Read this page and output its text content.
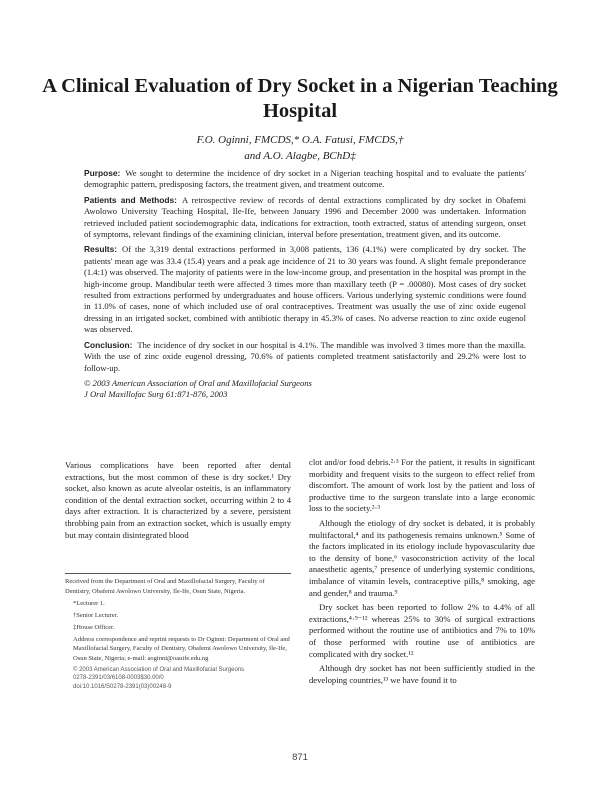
A Clinical Evaluation of Dry Socket in a Nigerian Teaching Hospital
F.O. Oginni, FMCDS,* O.A. Fatusi, FMCDS,†
and A.O. Alagbe, BChD‡

Purpose: We sought to determine the incidence of dry socket in a Nigerian teaching hospital and to evaluate the patients' demographic pattern, predisposing factors, the treatment given, and treatment outcome.

Patients and Methods: A retrospective review of records of dental extractions complicated by dry socket in Obafemi Awolowo University Teaching Hospital, Ile-Ife, between January 1996 and December 2000 was undertaken. Information retrieved included patient sociodemographic data, indications for extraction, tooth extracted, status of attending surgeon, onset of symptoms, relevant findings of the examining clinician, interval before presentation, treatment given, and its outcome.

Results: Of the 3,319 dental extractions performed in 3,008 patients, 136 (4.1%) were complicated by dry socket. The patients' mean age was 33.4 (15.4) years and a peak age incidence of 21 to 30 years was found. A slight female preponderance (1.4:1) was observed. The majority of patients were in the low-income group, and presentation in the hospital was prompt in the high-income group. Mandibular teeth were affected 3 times more than maxillary teeth (P = .00080). Most cases of dry socket resulted from extractions performed by undergraduates and house officers. Various underlying systemic conditions were found in 11.0% of cases, none of which included use of oral contraceptives. Treatment was usually the use of zinc oxide eugenol dressing in an irrigated socket, combined with antibiotic therapy in 45.3% of cases. No adverse reaction to zinc oxide eugenol was observed.

Conclusion: The incidence of dry socket in our hospital is 4.1%. The mandible was involved 3 times more than the maxilla. With the use of zinc oxide eugenol dressing, 70.6% of patients completed treatment satisfactorily and 29.2% were lost to follow-up.

© 2003 American Association of Oral and Maxillofacial Surgeons

J Oral Maxillofac Surg 61:871-876, 2003

Various complications have been reported after dental extractions, but the most common of these is dry socket.¹ Dry socket, also known as acute alveolar osteitis, is an inflammatory condition of the dental extraction socket, occurring within 2 to 4 days after extraction. It is characterized by a severe, persistent throbbing pain from an extraction socket, which is usually empty but may contain disintegrated blood

Received from the Department of Oral and Maxillofacial Surgery, Faculty of Dentistry, Obafemi Awolowo University, Ile-Ife, Osun State, Nigeria.

*Lecturer 1.

†Senior Lecturer.

‡House Officer.

Address correspondence and reprint requests to Dr Oginni: Department of Oral and Maxillofacial Surgery, Faculty of Dentistry, Obafemi Awolowo University, Ile-Ife, Osun State, Nigeria; e-mail: aoginni@oauife.edu.ng

© 2003 American Association of Oral and Maxillofacial Surgeons

0278-2391/03/6108-0003$30.00/0

doi:10.1016/S0278-2391(03)00248-9

clot and/or food debris.²·³ For the patient, it results in significant morbidity and frequent visits to the surgeon to effect relief from discomfort. The amount of work lost by the patient and loss of productive time to the surgeon translate into a large economic loss to the society.²·³

Although the etiology of dry socket is debated, it is probably multifactoral,⁴ and its pathogenesis remains unknown.⁵ Some of the factors implicated in its etiology include hypovascularity due to the density of bone,⁶ vasoconstriction activity of the local anaesthetic agents,⁷ presence of underlying systemic conditions, imbalance of vitamin levels, contraceptive pills,⁸ smoking, age and gender,⁸ and trauma.⁹

Dry socket has been reported to follow 2% to 4.4% of all extractions,⁴·⁹⁻¹² whereas 25% to 30% of surgical extractions performed without the routine use of antibiotics and 7% to 10% of those performed with routine use of antibiotics are complicated with dry socket.¹²

Although dry socket has not been sufficiently studied in the developing countries,¹³ we have found it to

871
